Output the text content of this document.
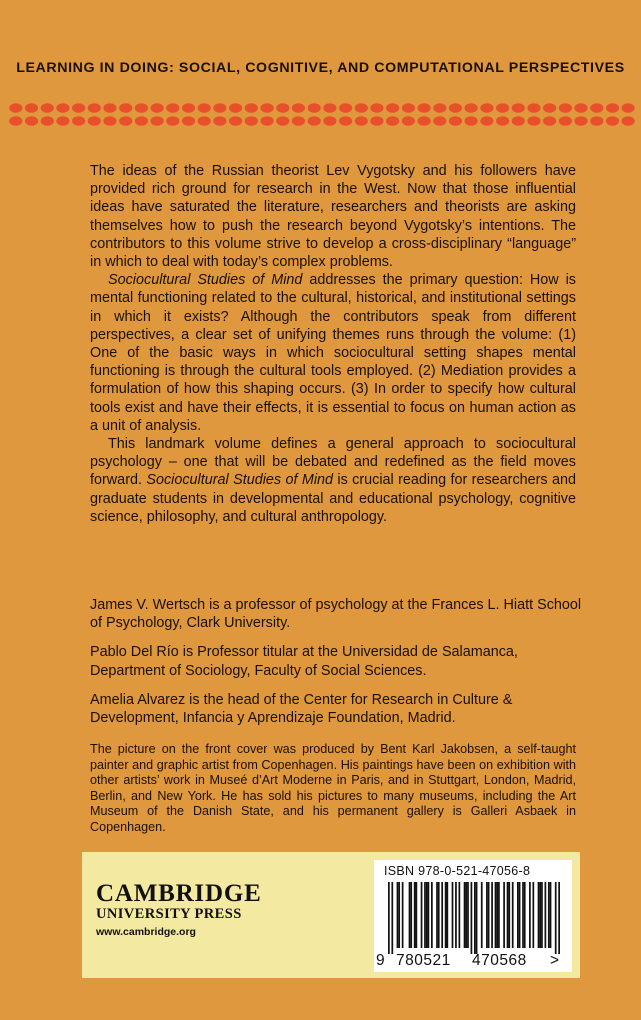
LEARNING IN DOING: SOCIAL, COGNITIVE, AND COMPUTATIONAL PERSPECTIVES

The ideas of the Russian theorist Lev Vygotsky and his followers have provided rich ground for research in the West. Now that those influential ideas have saturated the literature, researchers and theorists are asking themselves how to push the research beyond Vygotsky’s intentions. The contributors to this volume strive to develop a cross-disciplinary “language” in which to deal with today’s complex problems.

Sociocultural Studies of Mind addresses the primary question: How is mental functioning related to the cultural, historical, and institutional settings in which it exists? Although the contributors speak from different perspectives, a clear set of unifying themes runs through the volume: (1) One of the basic ways in which sociocultural setting shapes mental functioning is through the cultural tools employed. (2) Mediation provides a formulation of how this shaping occurs. (3) In order to specify how cultural tools exist and have their effects, it is essential to focus on human action as a unit of analysis.

This landmark volume defines a general approach to sociocultural psychology – one that will be debated and redefined as the field moves forward. Sociocultural Studies of Mind is crucial reading for researchers and graduate students in developmental and educational psychology, cognitive science, philosophy, and cultural anthropology.

James V. Wertsch is a professor of psychology at the Frances L. Hiatt School of Psychology, Clark University.

Pablo Del Río is Professor titular at the Universidad de Salamanca, Department of Sociology, Faculty of Social Sciences.

Amelia Alvarez is the head of the Center for Research in Culture & Development, Infancia y Aprendizaje Foundation, Madrid.

The picture on the front cover was produced by Bent Karl Jakobsen, a self-taught painter and graphic artist from Copenhagen. His paintings have been on exhibition with other artists’ work in Museé d’Art Moderne in Paris, and in Stuttgart, London, Madrid, Berlin, and New York. He has sold his pictures to many museums, including the Art Museum of the Danish State, and his permanent gallery is Galleri Asbaek in Copenhagen.

CAMBRIDGE
UNIVERSITY PRESS
www.cambridge.org
ISBN 978-0-521-47056-8
9 780521 470568 >
